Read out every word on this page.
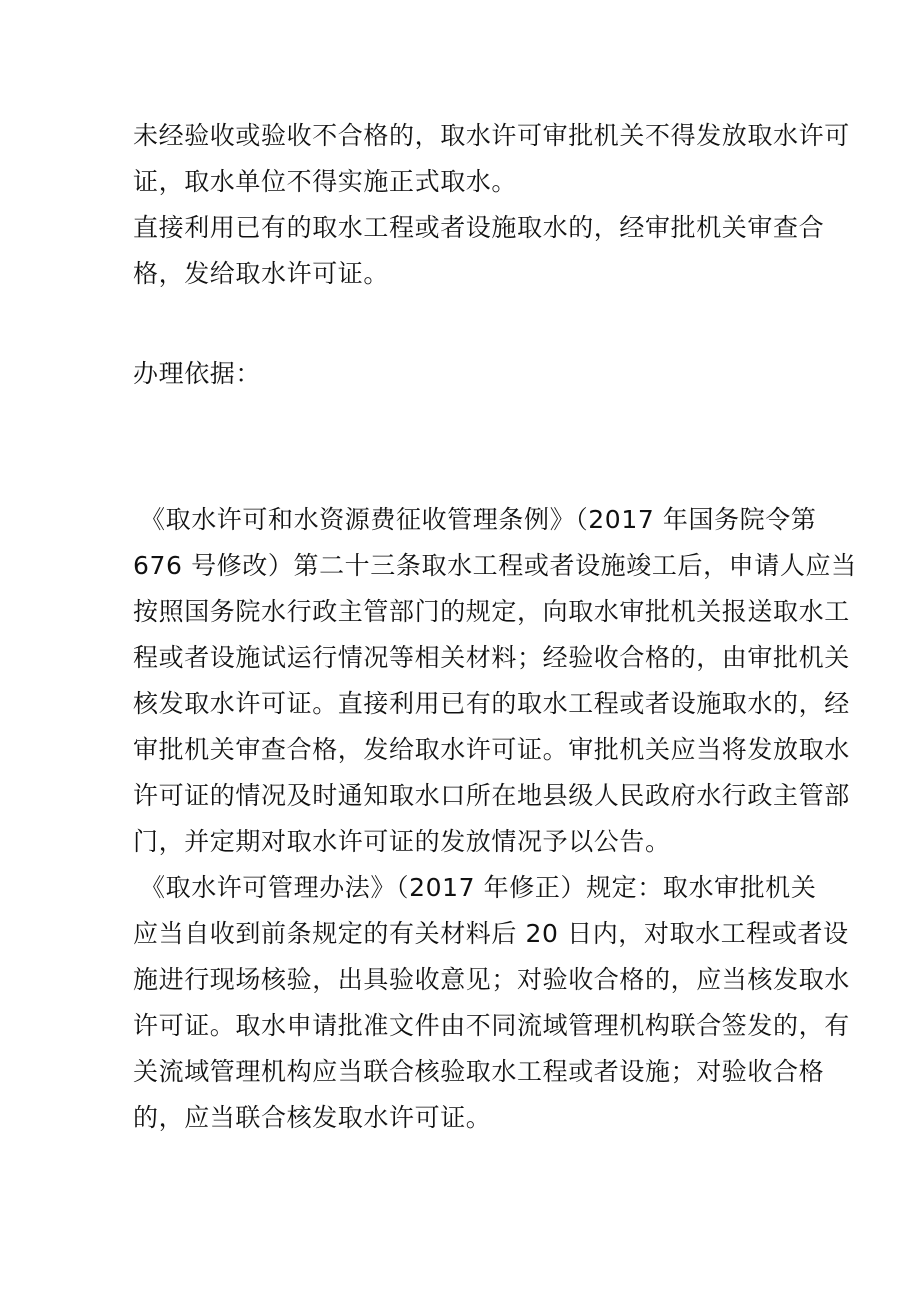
未经验收或验收不合格的，取水许可审批机关不得发放取水许可

证，取水单位不得实施正式取水。

直接利用已有的取水工程或者设施取水的，经审批机关审查合

格，发给取水许可证。

办理依据：

《取水许可和水资源费征收管理条例》（2017 年国务院令第

676 号修改）第二十三条取水工程或者设施竣工后，申请人应当

按照国务院水行政主管部门的规定，向取水审批机关报送取水工

程或者设施试运行情况等相关材料；经验收合格的，由审批机关

核发取水许可证。直接利用已有的取水工程或者设施取水的，经

审批机关审查合格，发给取水许可证。审批机关应当将发放取水

许可证的情况及时通知取水口所在地县级人民政府水行政主管部

门，并定期对取水许可证的发放情况予以公告。

《取水许可管理办法》（2017 年修正）规定：取水审批机关

应当自收到前条规定的有关材料后 20 日内，对取水工程或者设

施进行现场核验，出具验收意见；对验收合格的，应当核发取水

许可证。取水申请批准文件由不同流域管理机构联合签发的，有

关流域管理机构应当联合核验取水工程或者设施；对验收合格

的，应当联合核发取水许可证。
